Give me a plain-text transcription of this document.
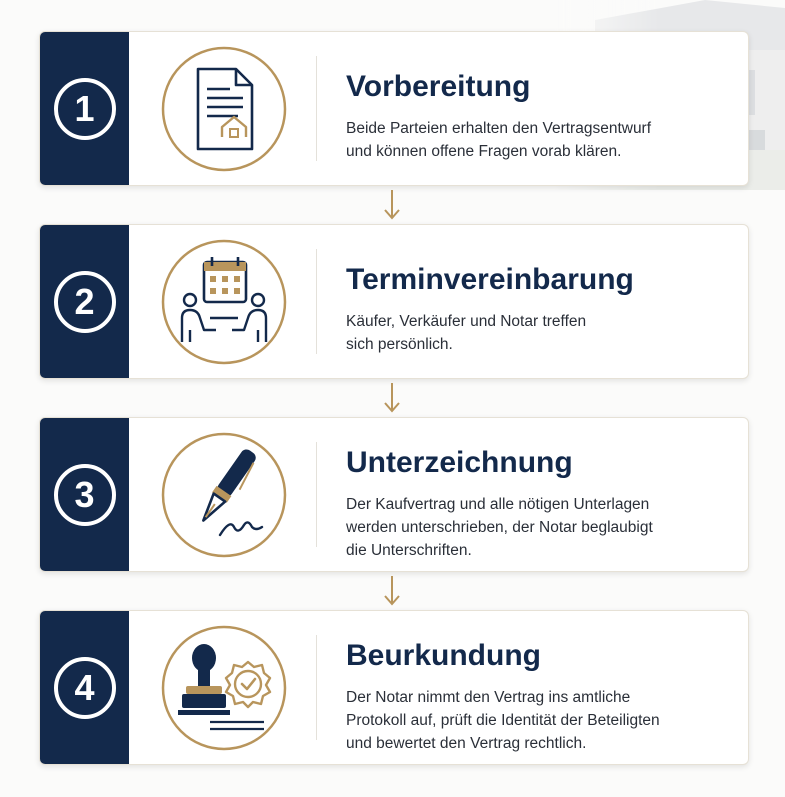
1
Vorbereitung

Beide Parteien erhalten den Vertragsentwurf
und können offene Fragen vorab klären.

2
Terminvereinbarung

Käufer, Verkäufer und Notar treffen
sich persönlich.

3
Unterzeichnung

Der Kaufvertrag und alle nötigen Unterlagen
werden unterschrieben, der Notar beglaubigt
die Unterschriften.

4
Beurkundung

Der Notar nimmt den Vertrag ins amtliche
Protokoll auf, prüft die Identität der Beteiligten
und bewertet den Vertrag rechtlich.
